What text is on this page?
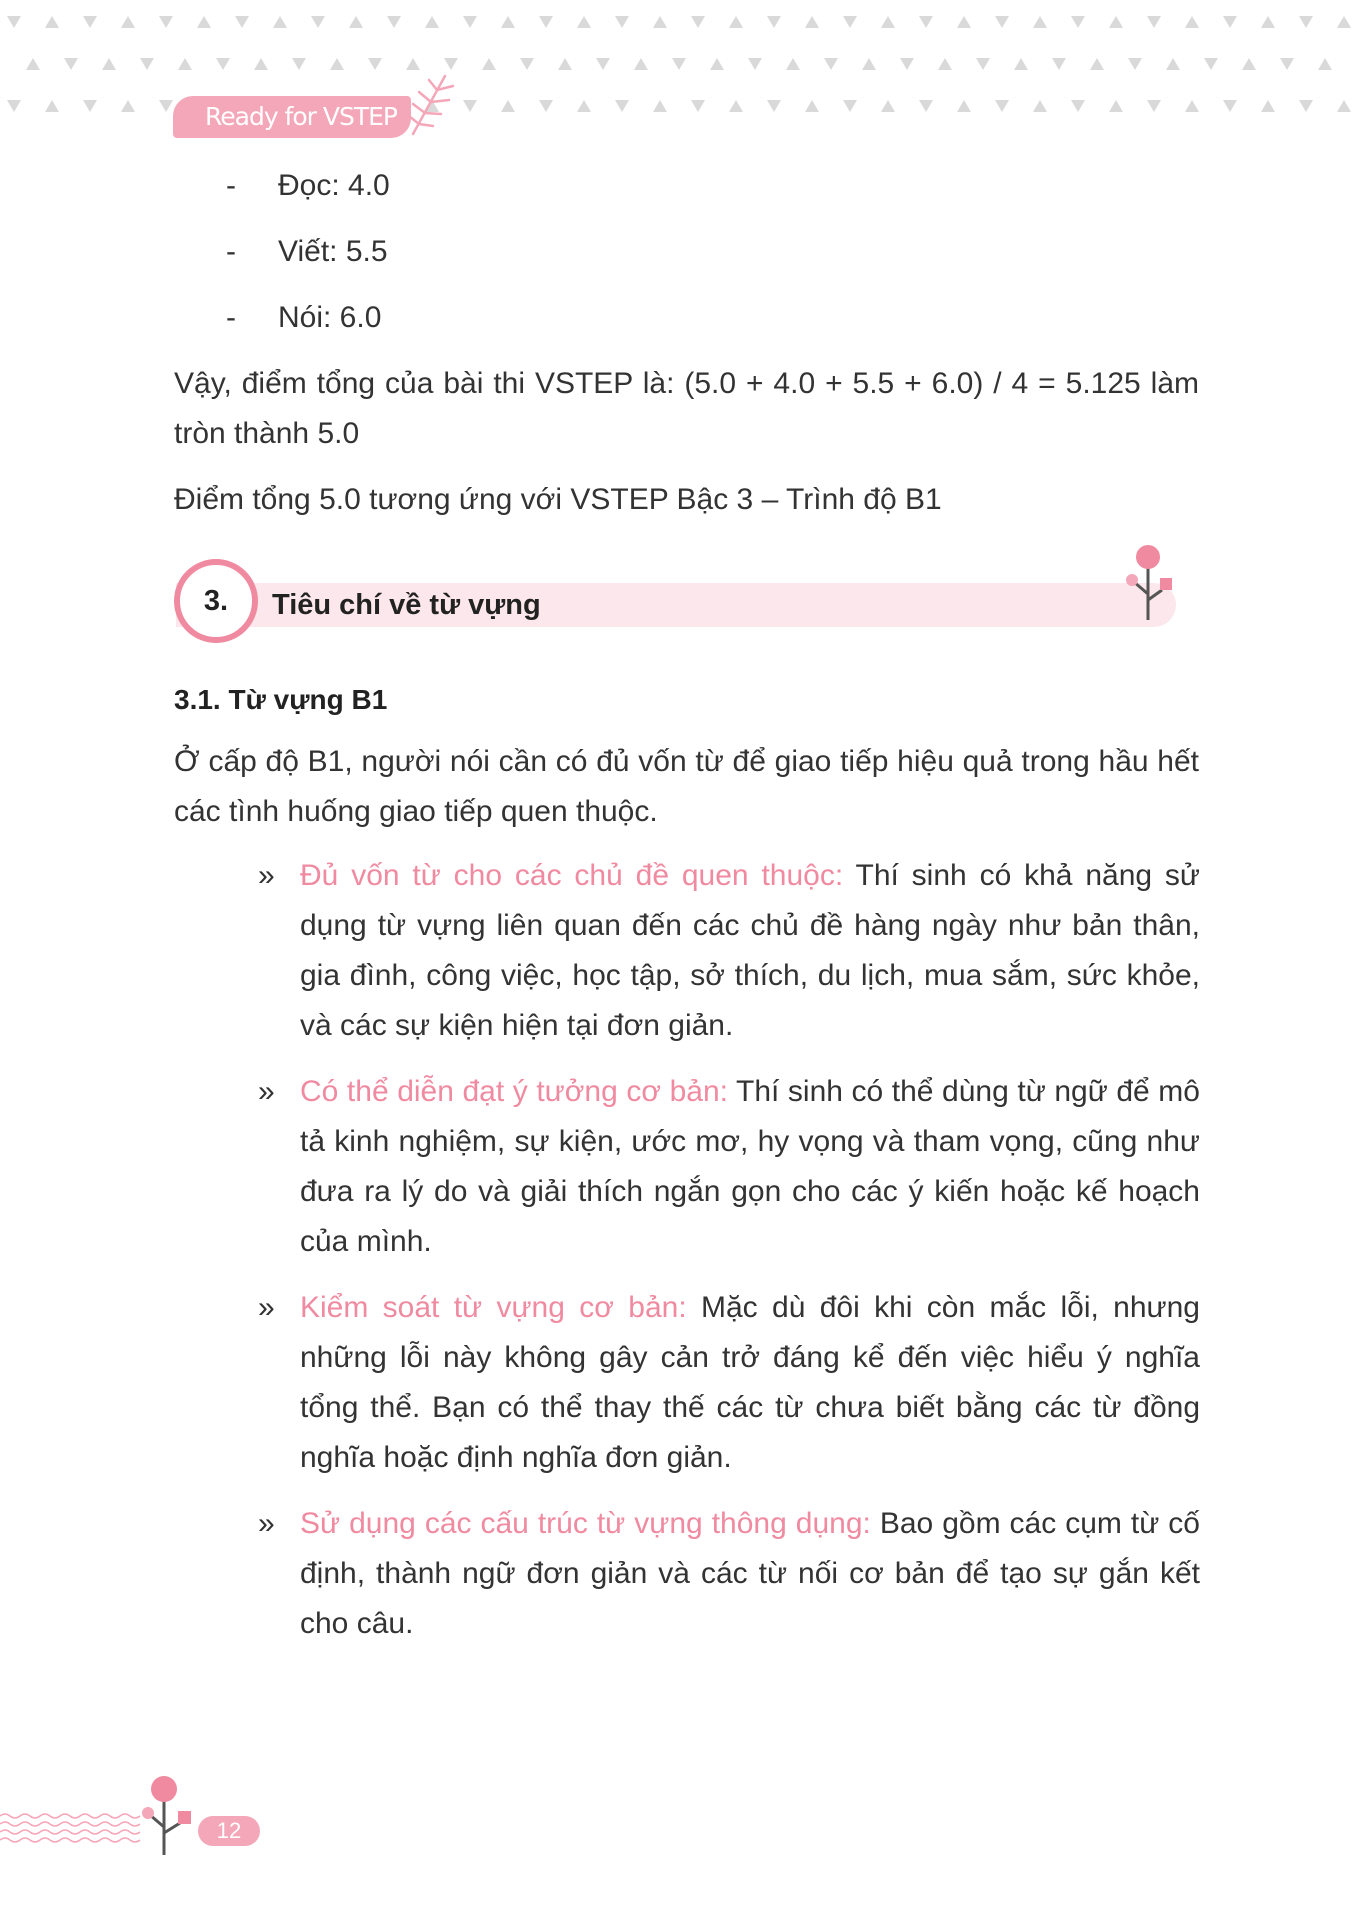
Ready for VSTEP
- Đọc: 4.0
- Viết: 5.5
- Nói: 6.0
Vậy, điểm tổng của bài thi VSTEP là: (5.0 + 4.0 + 5.5 + 6.0) / 4 = 5.125 làm tròn thành 5.0
Điểm tổng 5.0 tương ứng với VSTEP Bậc 3 – Trình độ B1
3.	Tiêu chí về từ vựng
3.1. Từ vựng B1
Ở cấp độ B1, người nói cần có đủ vốn từ để giao tiếp hiệu quả trong hầu hết các tình huống giao tiếp quen thuộc.
» Đủ vốn từ cho các chủ đề quen thuộc: Thí sinh có khả năng sử dụng từ vựng liên quan đến các chủ đề hàng ngày như bản thân, gia đình, công việc, học tập, sở thích, du lịch, mua sắm, sức khỏe, và các sự kiện hiện tại đơn giản.
» Có thể diễn đạt ý tưởng cơ bản: Thí sinh có thể dùng từ ngữ để mô tả kinh nghiệm, sự kiện, ước mơ, hy vọng và tham vọng, cũng như đưa ra lý do và giải thích ngắn gọn cho các ý kiến hoặc kế hoạch của mình.
» Kiểm soát từ vựng cơ bản: Mặc dù đôi khi còn mắc lỗi, nhưng những lỗi này không gây cản trở đáng kể đến việc hiểu ý nghĩa tổng thể. Bạn có thể thay thế các từ chưa biết bằng các từ đồng nghĩa hoặc định nghĩa đơn giản.
» Sử dụng các cấu trúc từ vựng thông dụng: Bao gồm các cụm từ cố định, thành ngữ đơn giản và các từ nối cơ bản để tạo sự gắn kết cho câu.
12
